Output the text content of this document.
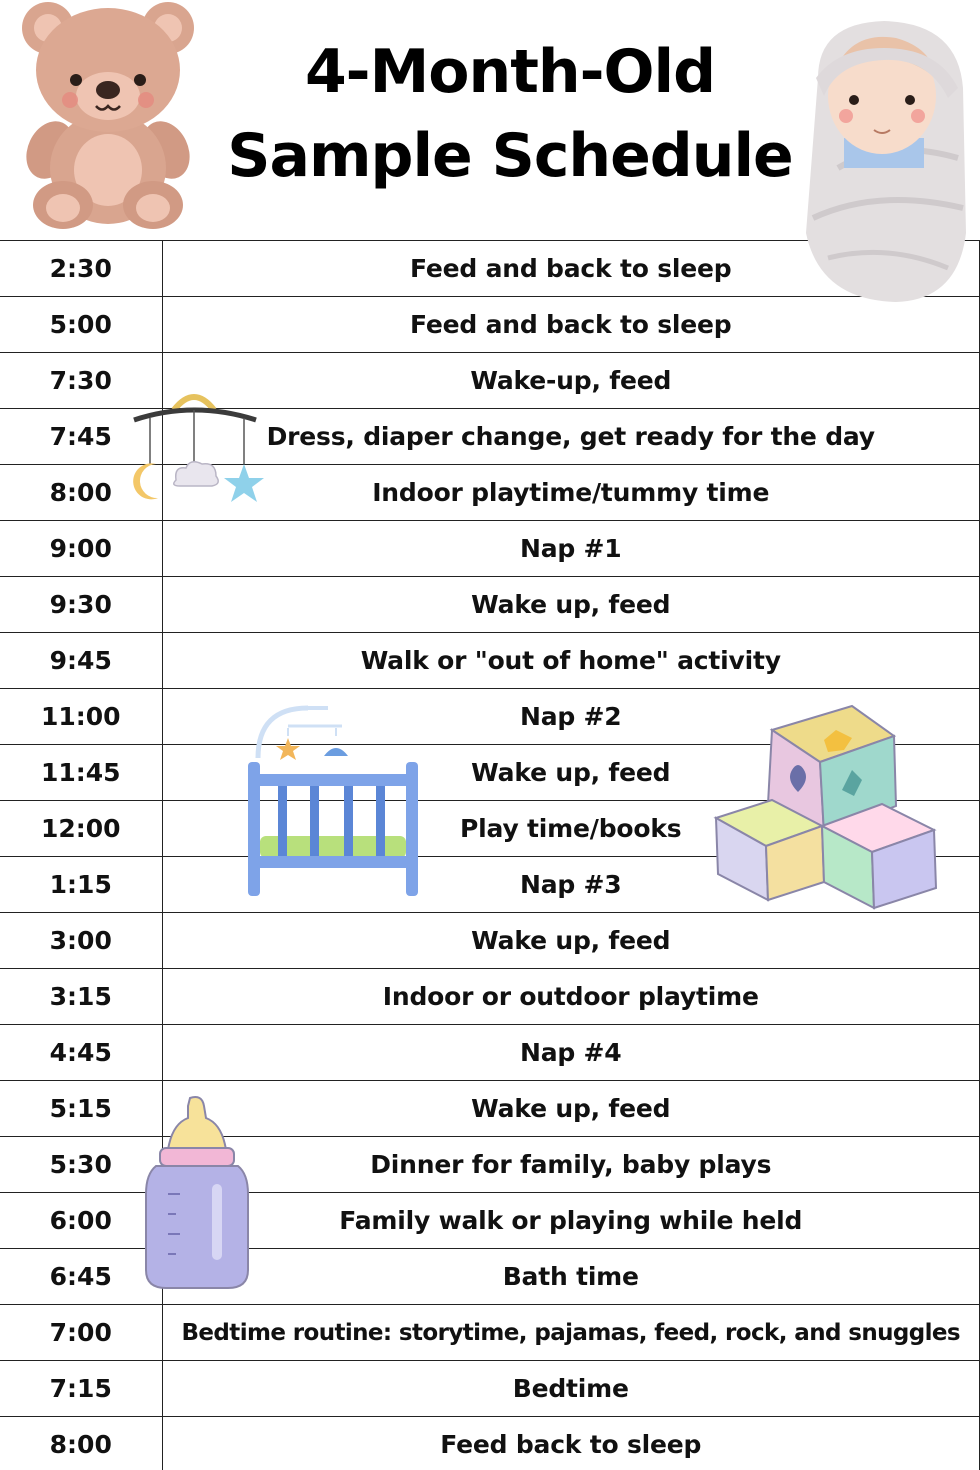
4-Month-Old
Sample Schedule
2:30	Feed and back to sleep
5:00	Feed and back to sleep
7:30	Wake-up, feed
7:45	Dress, diaper change, get ready for the day
8:00	Indoor playtime/tummy time
9:00	Nap #1
9:30	Wake up, feed
9:45	Walk or "out of home" activity
11:00	Nap #2
11:45	Wake up, feed
12:00	Play time/books
1:15	Nap #3
3:00	Wake up, feed
3:15	Indoor or outdoor playtime
4:45	Nap #4
5:15	Wake up, feed
5:30	Dinner for family, baby plays
6:00	Family walk or playing while held
6:45	Bath time
7:00	Bedtime routine: storytime, pajamas, feed, rock, and snuggles
7:15	Bedtime
8:00	Feed back to sleep
